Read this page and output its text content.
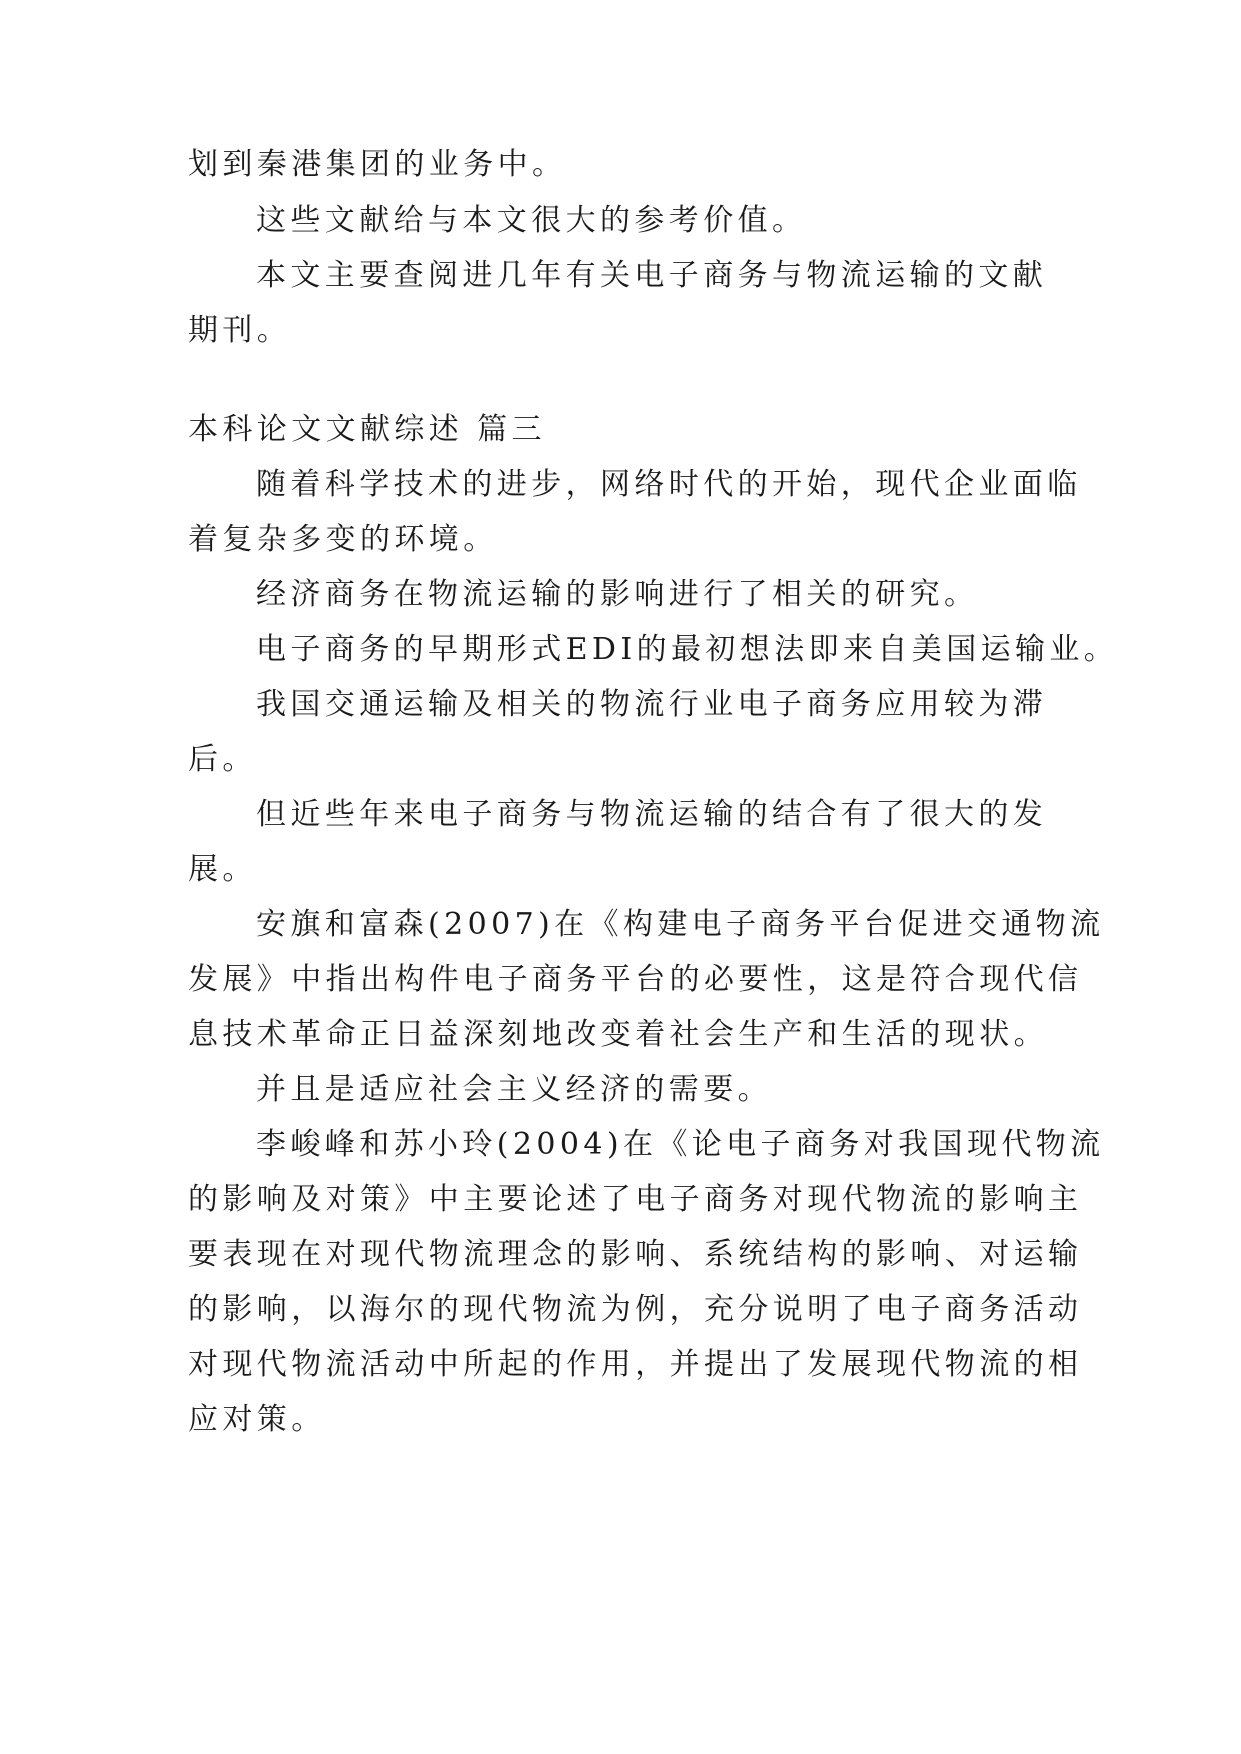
划到秦港集团的业务中。

这些文献给与本文很大的参考价值。

本文主要查阅进几年有关电子商务与物流运输的文献

期刊。

本科论文文献综述 篇三

随着科学技术的进步，网络时代的开始，现代企业面临

着复杂多变的环境。

经济商务在物流运输的影响进行了相关的研究。

电子商务的早期形式EDI的最初想法即来自美国运输业。

我国交通运输及相关的物流行业电子商务应用较为滞

后。

但近些年来电子商务与物流运输的结合有了很大的发

展。

安旗和富森(2007)在《构建电子商务平台促进交通物流

发展》中指出构件电子商务平台的必要性，这是符合现代信

息技术革命正日益深刻地改变着社会生产和生活的现状。

并且是适应社会主义经济的需要。

李峻峰和苏小玲(2004)在《论电子商务对我国现代物流

的影响及对策》中主要论述了电子商务对现代物流的影响主

要表现在对现代物流理念的影响、系统结构的影响、对运输

的影响，以海尔的现代物流为例，充分说明了电子商务活动

对现代物流活动中所起的作用，并提出了发展现代物流的相

应对策。
